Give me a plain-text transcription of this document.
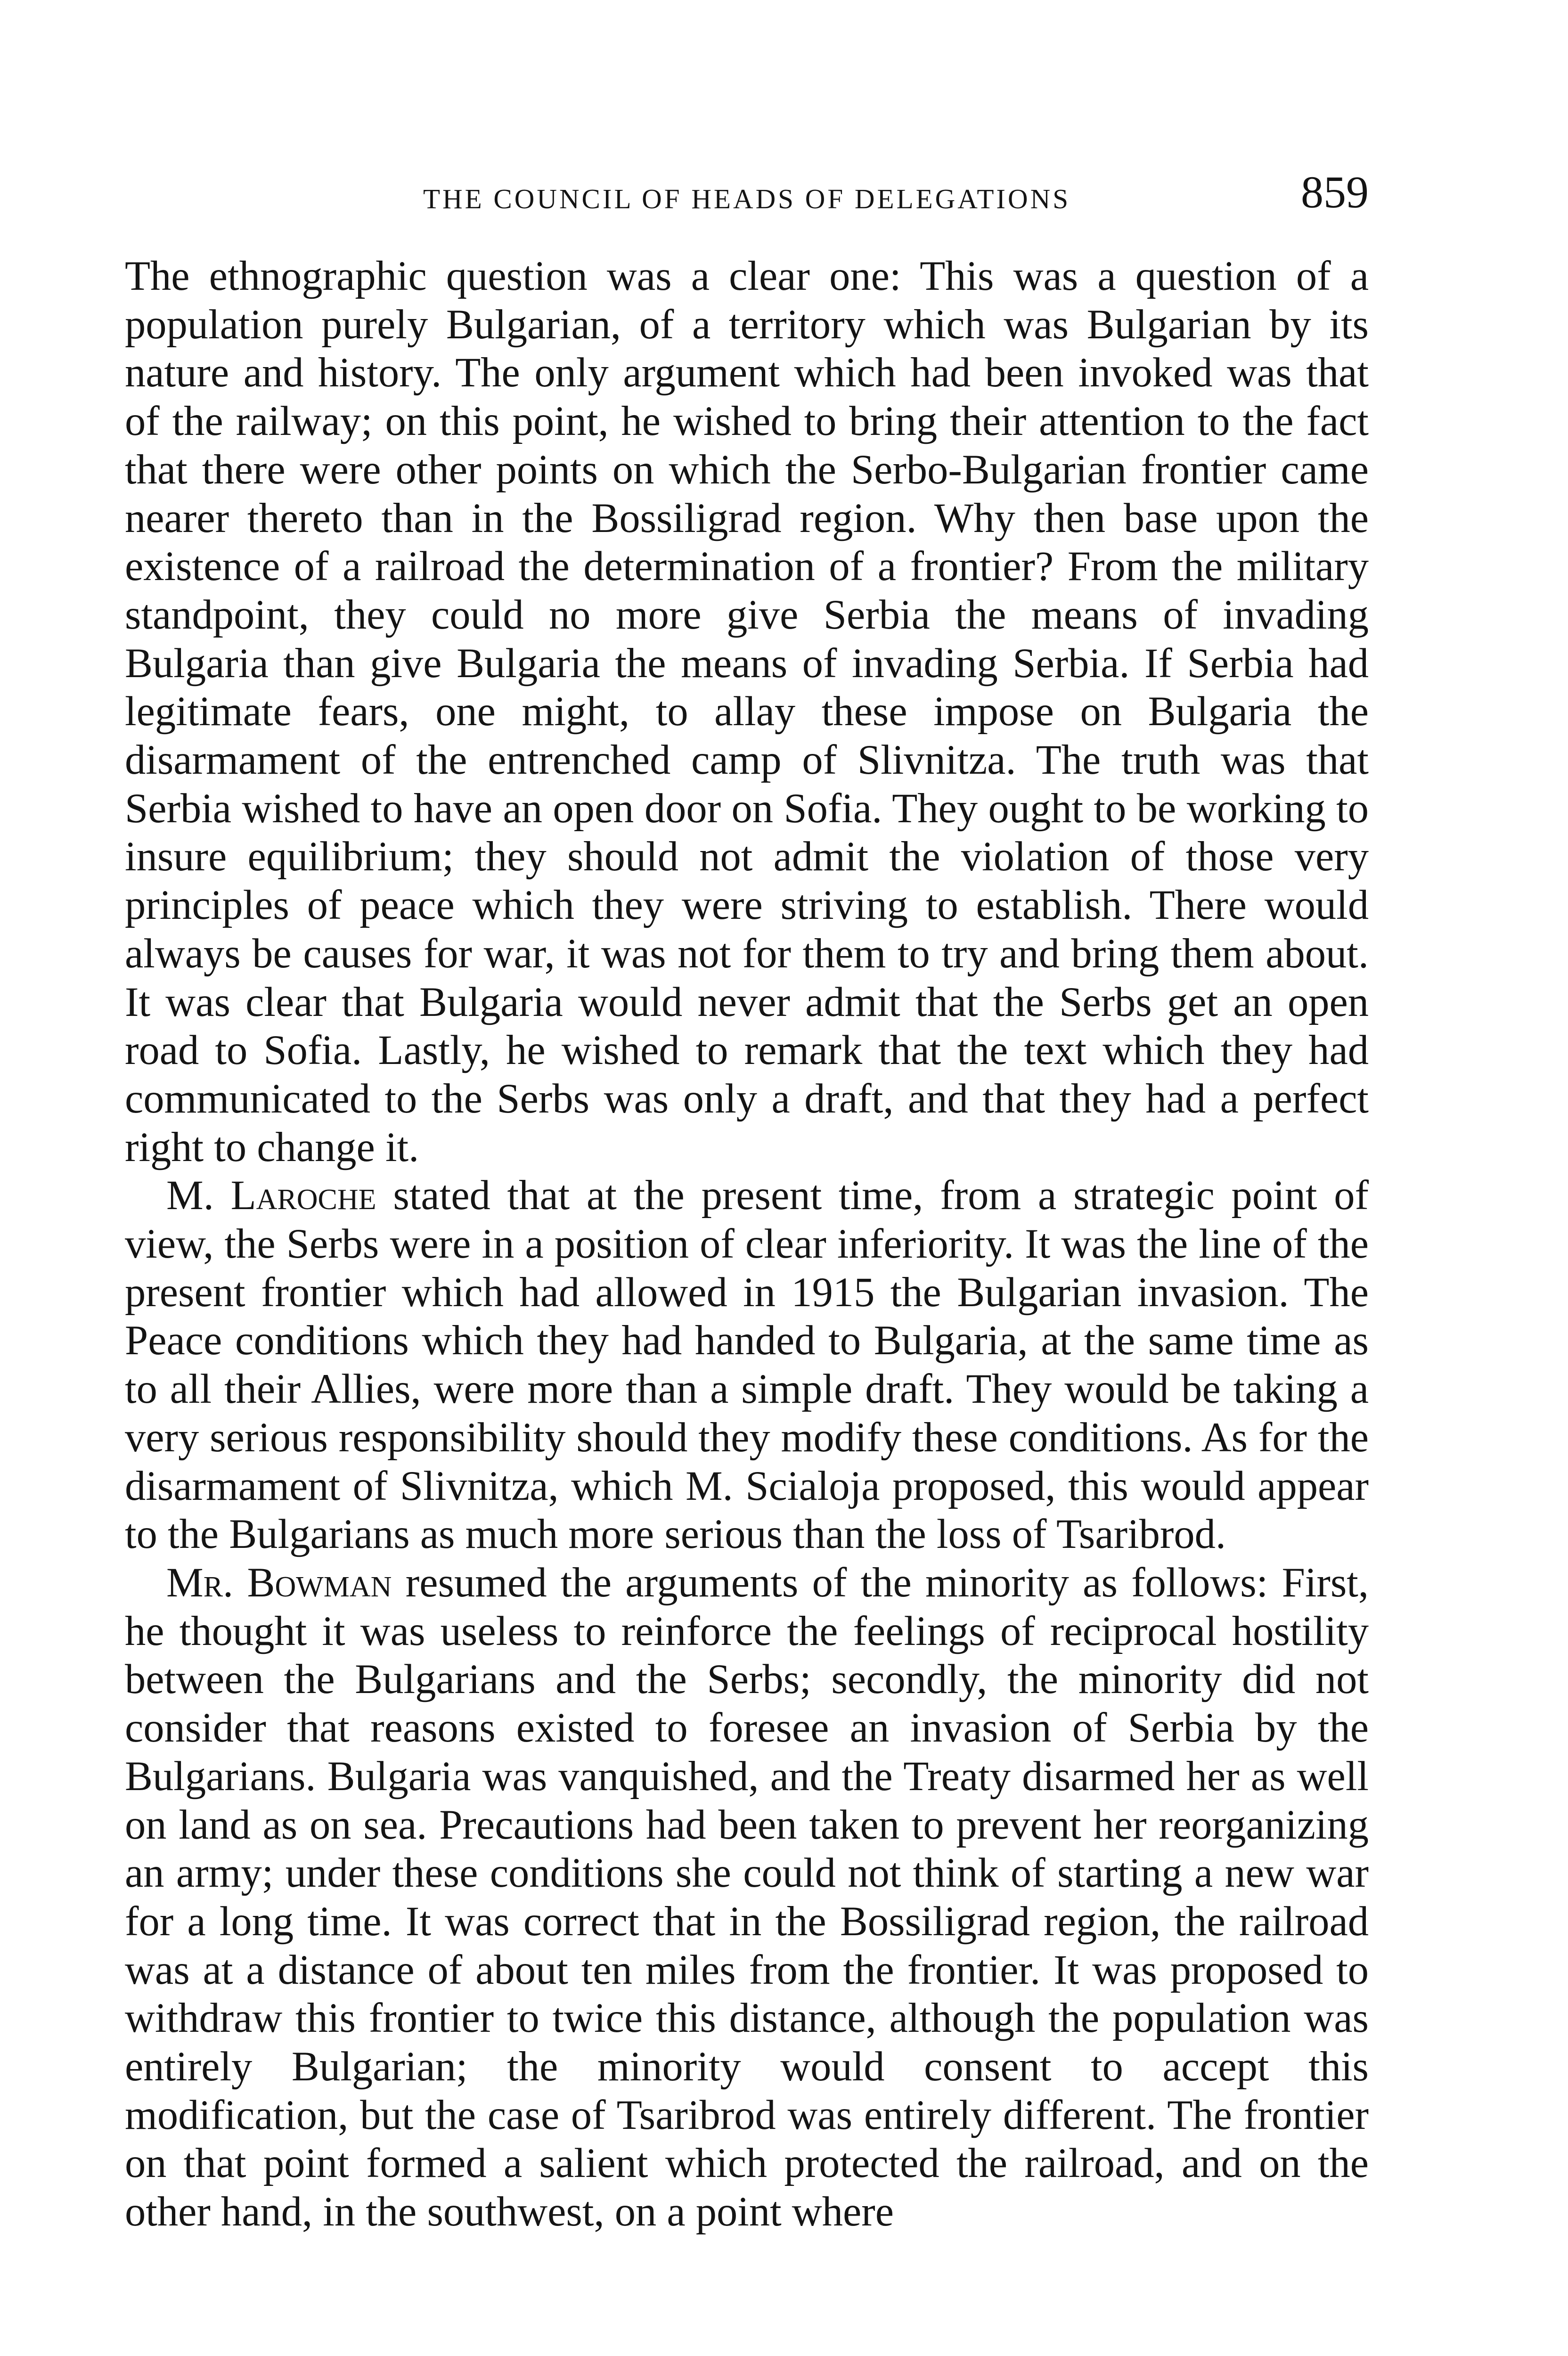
THE COUNCIL OF HEADS OF DELEGATIONS	859

The ethnographic question was a clear one: This was a question of a population purely Bulgarian, of a territory which was Bulgarian by its nature and history. The only argument which had been invoked was that of the railway; on this point, he wished to bring their attention to the fact that there were other points on which the Serbo-Bulgarian frontier came nearer thereto than in the Bossiligrad region. Why then base upon the existence of a railroad the determination of a frontier? From the military standpoint, they could no more give Serbia the means of invading Bulgaria than give Bulgaria the means of invading Serbia. If Serbia had legitimate fears, one might, to allay these impose on Bulgaria the disarmament of the entrenched camp of Slivnitza. The truth was that Serbia wished to have an open door on Sofia. They ought to be working to insure equilibrium; they should not admit the violation of those very principles of peace which they were striving to establish. There would always be causes for war, it was not for them to try and bring them about. It was clear that Bulgaria would never admit that the Serbs get an open road to Sofia. Lastly, he wished to remark that the text which they had communicated to the Serbs was only a draft, and that they had a perfect right to change it.

M. Laroche stated that at the present time, from a strategic point of view, the Serbs were in a position of clear inferiority. It was the line of the present frontier which had allowed in 1915 the Bulgarian invasion. The Peace conditions which they had handed to Bulgaria, at the same time as to all their Allies, were more than a simple draft. They would be taking a very serious responsibility should they modify these conditions. As for the disarmament of Slivnitza, which M. Scialoja proposed, this would appear to the Bulgarians as much more serious than the loss of Tsaribrod.

Mr. Bowman resumed the arguments of the minority as follows: First, he thought it was useless to reinforce the feelings of reciprocal hostility between the Bulgarians and the Serbs; secondly, the minority did not consider that reasons existed to foresee an invasion of Serbia by the Bulgarians. Bulgaria was vanquished, and the Treaty disarmed her as well on land as on sea. Precautions had been taken to prevent her reorganizing an army; under these conditions she could not think of starting a new war for a long time. It was correct that in the Bossiligrad region, the railroad was at a distance of about ten miles from the frontier. It was proposed to withdraw this frontier to twice this distance, although the population was entirely Bulgarian; the minority would consent to accept this modification, but the case of Tsaribrod was entirely different. The frontier on that point formed a salient which protected the railroad, and on the other hand, in the southwest, on a point where
